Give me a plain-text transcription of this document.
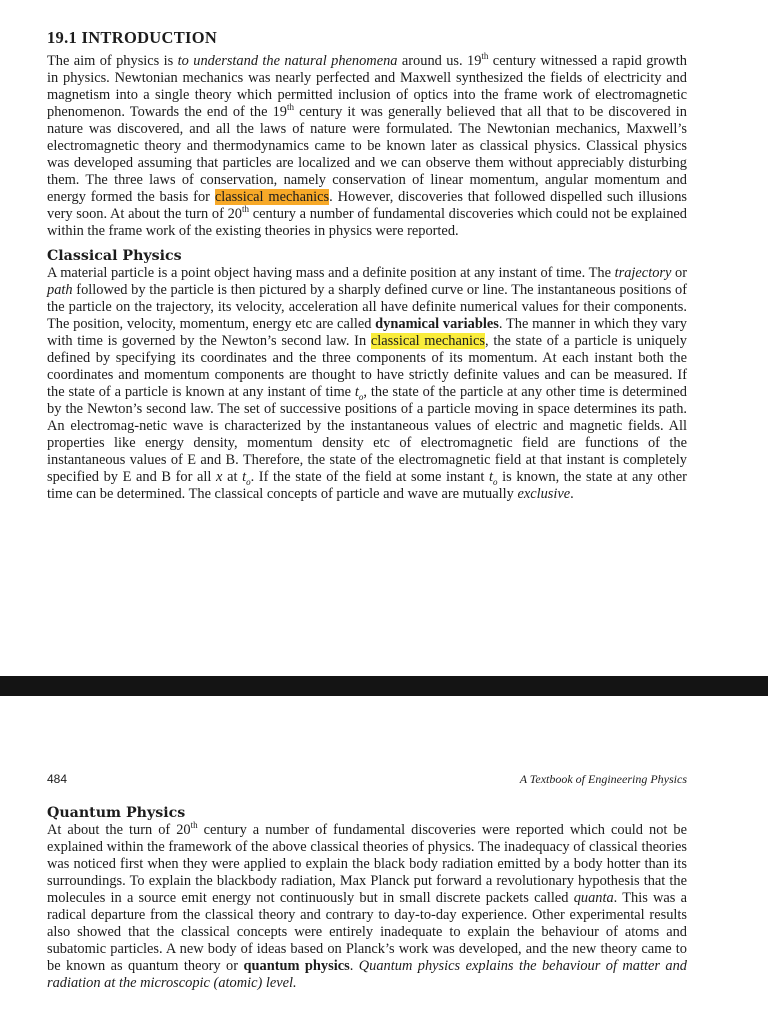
19.1 INTRODUCTION

The aim of physics is to understand the natural phenomena around us. 19th century witnessed a rapid growth in physics. Newtonian mechanics was nearly perfected and Maxwell synthesized the fields of electricity and magnetism into a single theory which permitted inclusion of optics into the frame work of electromagnetic phenomenon. Towards the end of the 19th century it was generally believed that all that to be discovered in nature was discovered, and all the laws of nature were formulated. The Newtonian mechanics, Maxwell’s electromagnetic theory and thermodynamics came to be known later as classical physics. Classical physics was developed assuming that particles are localized and we can observe them without appreciably disturbing them. The three laws of conservation, namely conservation of linear momentum, angular momentum and energy formed the basis for classical mechanics. However, discoveries that followed dispelled such illusions very soon. At about the turn of 20th century a number of fundamental discoveries which could not be explained within the frame work of the existing theories in physics were reported.

Classical Physics

A material particle is a point object having mass and a definite position at any instant of time. The trajectory or path followed by the particle is then pictured by a sharply defined curve or line. The instantaneous positions of the particle on the trajectory, its velocity, acceleration all have definite numerical values for their components. The position, velocity, momentum, energy etc are called dynamical variables. The manner in which they vary with time is governed by the Newton’s second law. In classical mechanics, the state of a particle is uniquely defined by specifying its coordinates and the three components of its momentum. At each instant both the coordinates and momentum components are thought to have strictly definite values and can be measured. If the state of a particle is known at any instant of time $t_o$, the state of the particle at any other time is determined by the Newton’s second law. The set of successive positions of a particle moving in space determines its path. An electromag-netic wave is characterized by the instantaneous values of electric and magnetic fields. All properties like energy density, momentum density etc of electromagnetic field are functions of the instantaneous values of E and B. Therefore, the state of the electromagnetic field at that instant is completely specified by E and B for all x at $t_o$. If the state of the field at some instant $t_o$ is known, the state at any other time can be determined. The classical concepts of particle and wave are mutually exclusive.

484	A Textbook of Engineering Physics
Quantum Physics

At about the turn of 20th century a number of fundamental discoveries were reported which could not be explained within the framework of the above classical theories of physics. The inadequacy of classical theories was noticed first when they were applied to explain the black body radiation emitted by a body hotter than its surroundings. To explain the blackbody radiation, Max Planck put forward a revolutionary hypothesis that the molecules in a source emit energy not continuously but in small discrete packets called quanta. This was a radical departure from the classical theory and contrary to day-to-day experience. Other experimental results also showed that the classical concepts were entirely inadequate to explain the behaviour of atoms and subatomic particles. A new body of ideas based on Planck’s work was developed, and the new theory came to be known as quantum theory or quantum physics. Quantum physics explains the behaviour of matter and radiation at the microscopic (atomic) level.
